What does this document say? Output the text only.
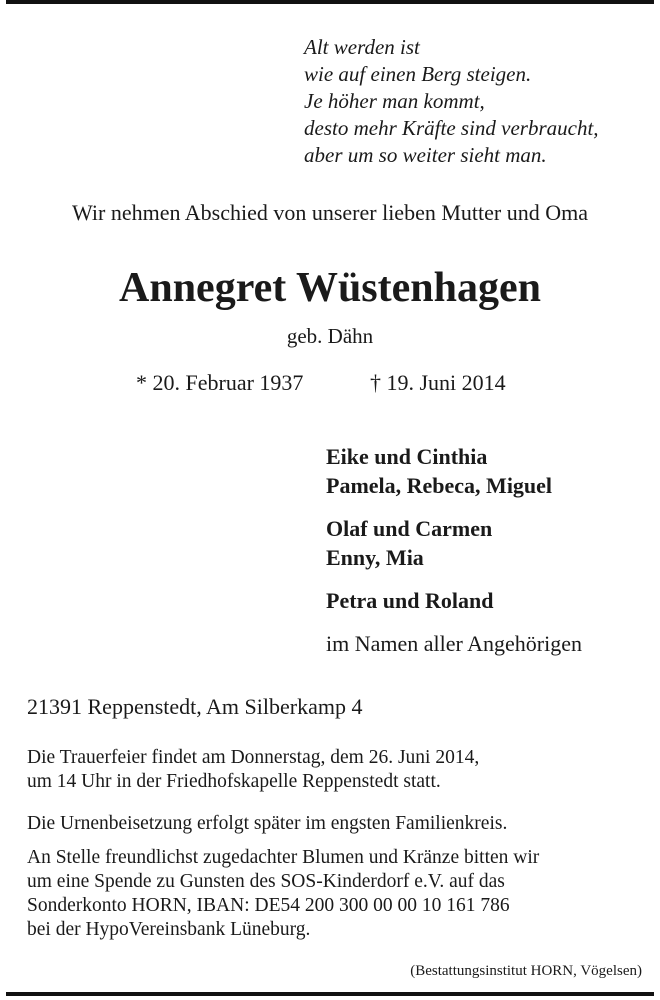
Alt werden ist
wie auf einen Berg steigen.
Je höher man kommt,
desto mehr Kräfte sind verbraucht,
aber um so weiter sieht man.
Wir nehmen Abschied von unserer lieben Mutter und Oma
Annegret Wüstenhagen
geb. Dähn
* 20. Februar 1937	† 19. Juni 2014
Eike und Cinthia
Pamela, Rebeca, Miguel
Olaf und Carmen
Enny, Mia
Petra und Roland
im Namen aller Angehörigen
21391 Reppenstedt, Am Silberkamp 4
Die Trauerfeier findet am Donnerstag, dem 26. Juni 2014,
um 14 Uhr in der Friedhofskapelle Reppenstedt statt.
Die Urnenbeisetzung erfolgt später im engsten Familienkreis.
An Stelle freundlichst zugedachter Blumen und Kränze bitten wir
um eine Spende zu Gunsten des SOS-Kinderdorf e.V. auf das
Sonderkonto HORN, IBAN: DE54 200 300 00 00 10 161 786
bei der HypoVereinsbank Lüneburg.
(Bestattungsinstitut HORN, Vögelsen)
